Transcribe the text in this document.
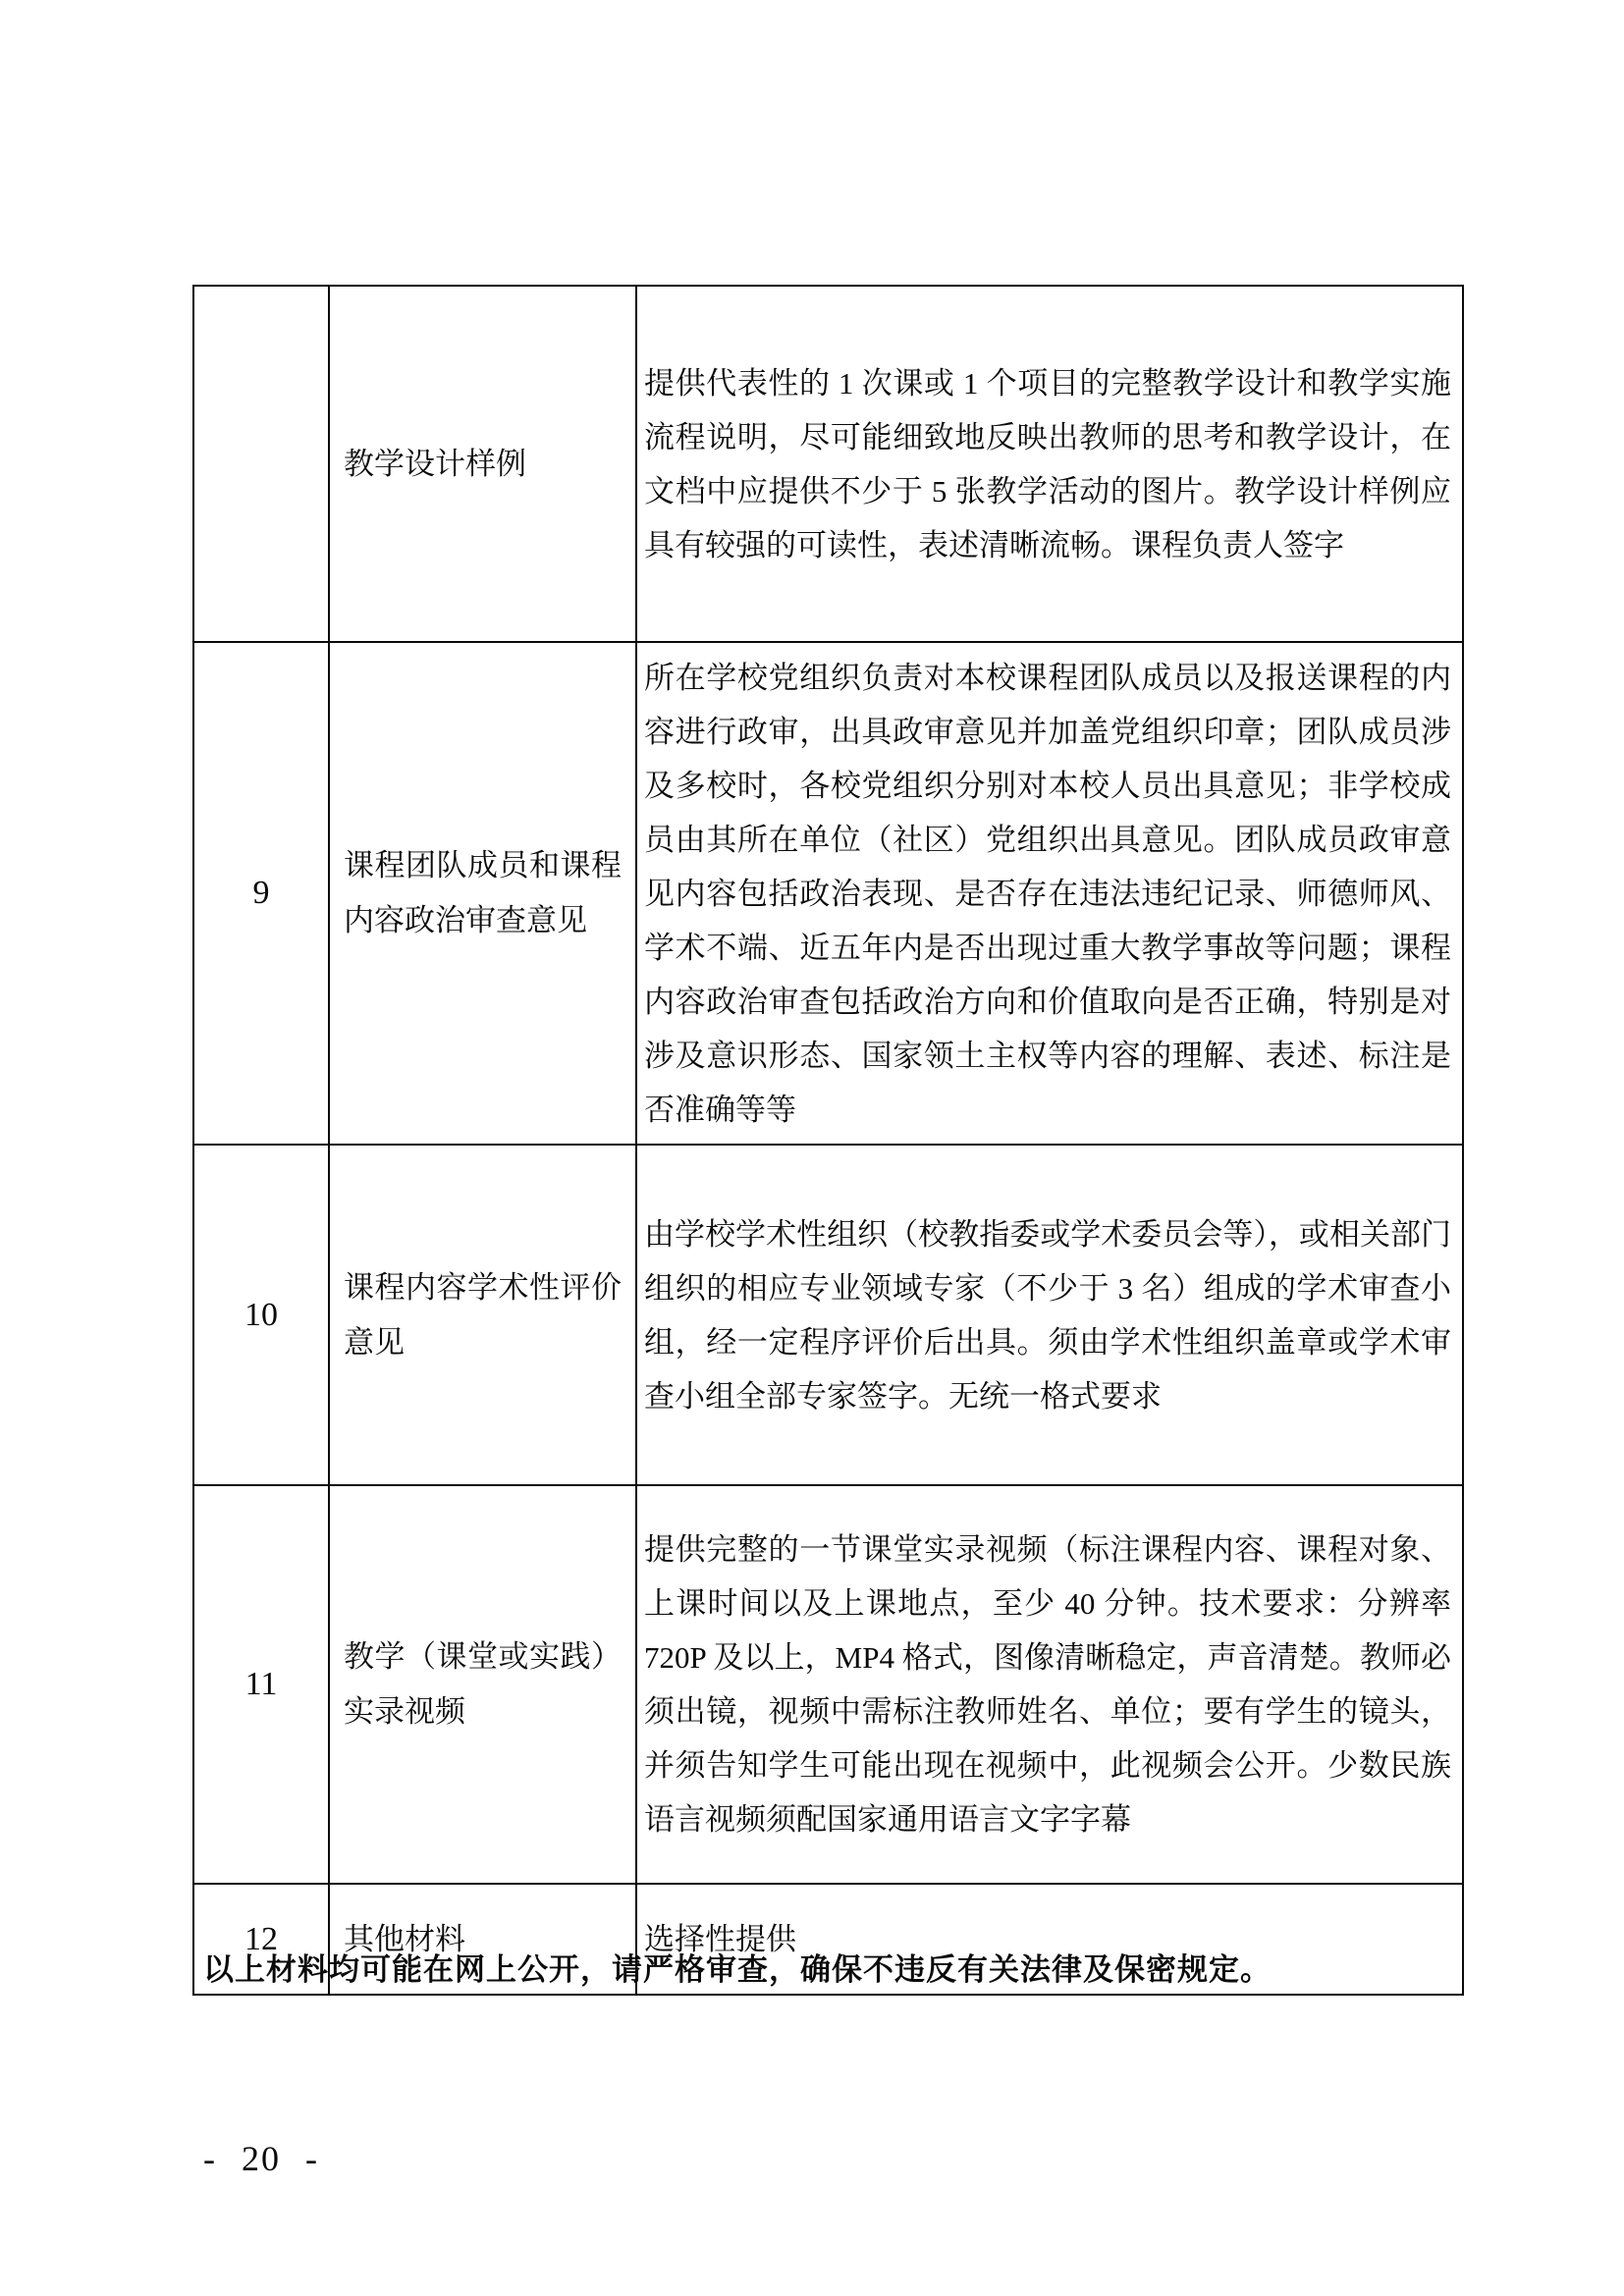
	教学设计样例	提供代表性的 1 次课或 1 个项目的完整教学设计和教学实施流程说明，尽可能细致地反映出教师的思考和教学设计，在文档中应提供不少于 5 张教学活动的图片。教学设计样例应具有较强的可读性，表述清晰流畅。课程负责人签字
9	课程团队成员和课程内容政治审查意见	所在学校党组织负责对本校课程团队成员以及报送课程的内容进行政审，出具政审意见并加盖党组织印章；团队成员涉及多校时，各校党组织分别对本校人员出具意见；非学校成员由其所在单位（社区）党组织出具意见。团队成员政审意见内容包括政治表现、是否存在违法违纪记录、师德师风、学术不端、近五年内是否出现过重大教学事故等问题；课程内容政治审查包括政治方向和价值取向是否正确，特别是对涉及意识形态、国家领土主权等内容的理解、表述、标注是否准确等等
10	课程内容学术性评价意见	由学校学术性组织（校教指委或学术委员会等），或相关部门组织的相应专业领域专家（不少于 3 名）组成的学术审查小组，经一定程序评价后出具。须由学术性组织盖章或学术审查小组全部专家签字。无统一格式要求
11	教学（课堂或实践）实录视频	提供完整的一节课堂实录视频（标注课程内容、课程对象、上课时间以及上课地点，至少 40 分钟。技术要求：分辨率 720P 及以上，MP4 格式，图像清晰稳定，声音清楚。教师必须出镜，视频中需标注教师姓名、单位；要有学生的镜头，并须告知学生可能出现在视频中，此视频会公开。少数民族语言视频须配国家通用语言文字字幕
12	其他材料	选择性提供

以上材料均可能在网上公开，请严格审查，确保不违反有关法律及保密规定。

- 20 -
